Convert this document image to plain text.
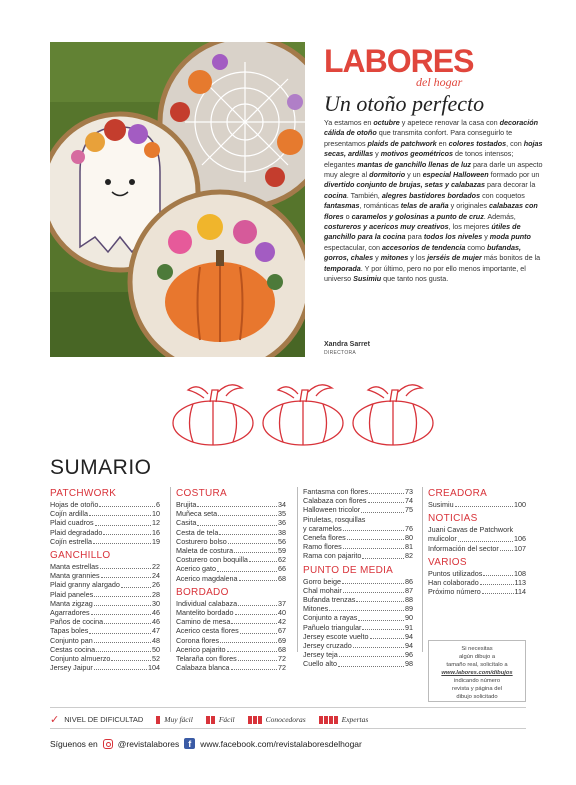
LABORES
del hogar
Un otoño perfecto
Ya estamos en octubre y apetece renovar la casa con decoración cálida de otoño que transmita confort. Para conseguirlo te presentamos plaids de patchwork en colores tostados, con hojas secas, ardillas y motivos geométricos de tonos intensos; elegantes mantas de ganchillo llenas de luz para darle un aspecto muy alegre al dormitorio y un especial Halloween formado por un divertido conjunto de brujas, setas y calabazas para decorar la cocina. También, alegres bastidores bordados con coquetos fantasmas, románticas telas de araña y originales calabazas con flores o caramelos y golosinas a punto de cruz. Además, costureros y acericos muy creativos, los mejores útiles de ganchillo para la cocina para todos los niveles y moda punto espectacular, con accesorios de tendencia como bufandas, gorros, chales y mitones y los jerséis de mujer más bonitos de la temporada. Y por último, pero no por ello menos importante, el universo Susimiu que tanto nos gusta.
Xandra Sarret
DIRECTORA
SUMARIO
PATCHWORK
Hojas de otoño	6
Cojín ardilla	10
Plaid cuadros	12
Plaid degradado	16
Cojín estrella	19
GANCHILLO
Manta estrellas	22
Manta grannies	24
Plaid granny alargado	26
Plaid paneles	28
Manta zigzag	30
Agarradores	46
Paños de cocina	46
Tapas boles	47
Conjunto pan	48
Cestas cocina	50
Conjunto almuerzo	52
Jersey Jaipur	104
COSTURA
Brujita	34
Muñeca seta	35
Casita	36
Cesta de tela	38
Costurero bolso	56
Maleta de costura	59
Costurero con boquilla	62
Acerico gato	66
Acerico magdalena	68
BORDADO
Individual calabaza	37
Mantelito bordado	40
Camino de mesa	42
Acerico cesta flores	67
Corona flores	69
Acerico pajarito	68
Telaraña con flores	72
Calabaza blanca	72
Fantasma con flores	73
Calabaza con flores	74
Halloween tricolor	75
Piruletas, rosquillas
y caramelos	76
Cenefa flores	80
Ramo flores	81
Rama con pajarito	82
PUNTO DE MEDIA
Gorro beige	86
Chal mohair	87
Bufanda trenzas	88
Mitones	89
Conjunto a rayas	90
Pañuelo triangular	91
Jersey escote vuelto	94
Jersey cruzado	94
Jersey teja	96
Cuello alto	98
CREADORA
Susimiu	100
NOTICIAS
Juani Cavas de Patchwork
mulicolor	106
Información del sector 107
VARIOS
Puntos utilizados	108
Han colaborado	113
Próximo número	114
Si necesitas
algún dibujo a
tamaño real, solicítalo a
www.labores.com/dibujos
indicando número
revista y página del
dibujo solicitado
✓ NIVEL DE DIFICULTAD	Muy fácil	Fácil	Conocedoras	Expertas
Síguenos en @revistalabores	f	www.facebook.com/revistalaboresdelhogar
